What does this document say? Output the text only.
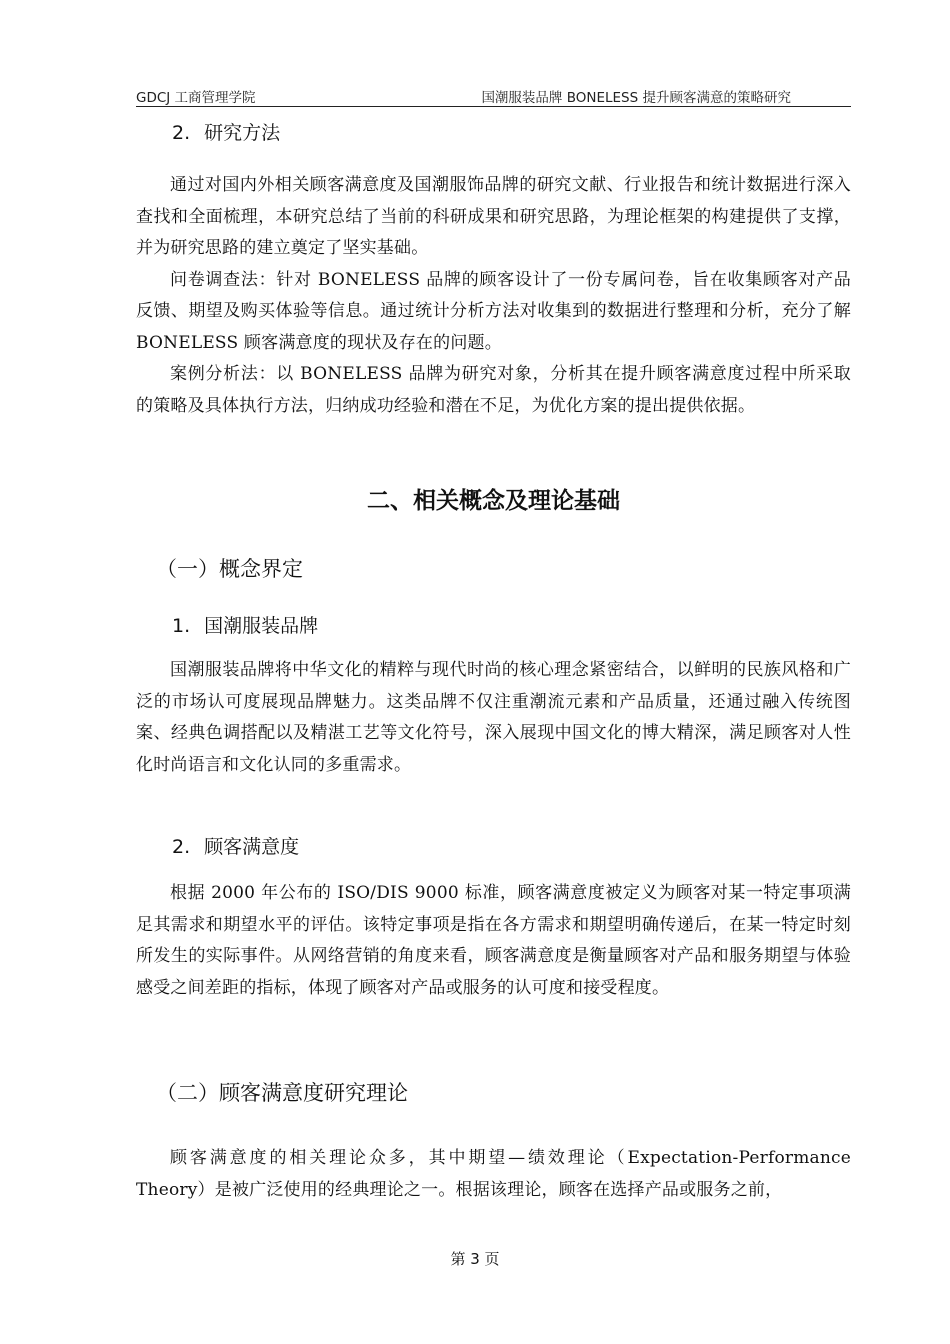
GDCJ 工商管理学院	国潮服装品牌 BONELESS 提升顾客满意的策略研究

2. 研究方法

通过对国内外相关顾客满意度及国潮服饰品牌的研究文献、行业报告和统计数据进行深入查找和全面梳理，本研究总结了当前的科研成果和研究思路，为理论框架的构建提供了支撑，并为研究思路的建立奠定了坚实基础。

问卷调查法：针对 BONELESS 品牌的顾客设计了一份专属问卷，旨在收集顾客对产品反馈、期望及购买体验等信息。通过统计分析方法对收集到的数据进行整理和分析，充分了解 BONELESS 顾客满意度的现状及存在的问题。

案例分析法：以 BONELESS 品牌为研究对象，分析其在提升顾客满意度过程中所采取的策略及具体执行方法，归纳成功经验和潜在不足，为优化方案的提出提供依据。

二、相关概念及理论基础

（一）概念界定

1. 国潮服装品牌

国潮服装品牌将中华文化的精粹与现代时尚的核心理念紧密结合，以鲜明的民族风格和广泛的市场认可度展现品牌魅力。这类品牌不仅注重潮流元素和产品质量，还通过融入传统图案、经典色调搭配以及精湛工艺等文化符号，深入展现中国文化的博大精深，满足顾客对人性化时尚语言和文化认同的多重需求。

2. 顾客满意度

根据 2000 年公布的 ISO/DIS 9000 标准，顾客满意度被定义为顾客对某一特定事项满足其需求和期望水平的评估。该特定事项是指在各方需求和期望明确传递后，在某一特定时刻所发生的实际事件。从网络营销的角度来看，顾客满意度是衡量顾客对产品和服务期望与体验感受之间差距的指标，体现了顾客对产品或服务的认可度和接受程度。

（二）顾客满意度研究理论

顾客满意度的相关理论众多，其中期望—绩效理论（Expectation-Performance Theory）是被广泛使用的经典理论之一。根据该理论，顾客在选择产品或服务之前，

第 3 页
